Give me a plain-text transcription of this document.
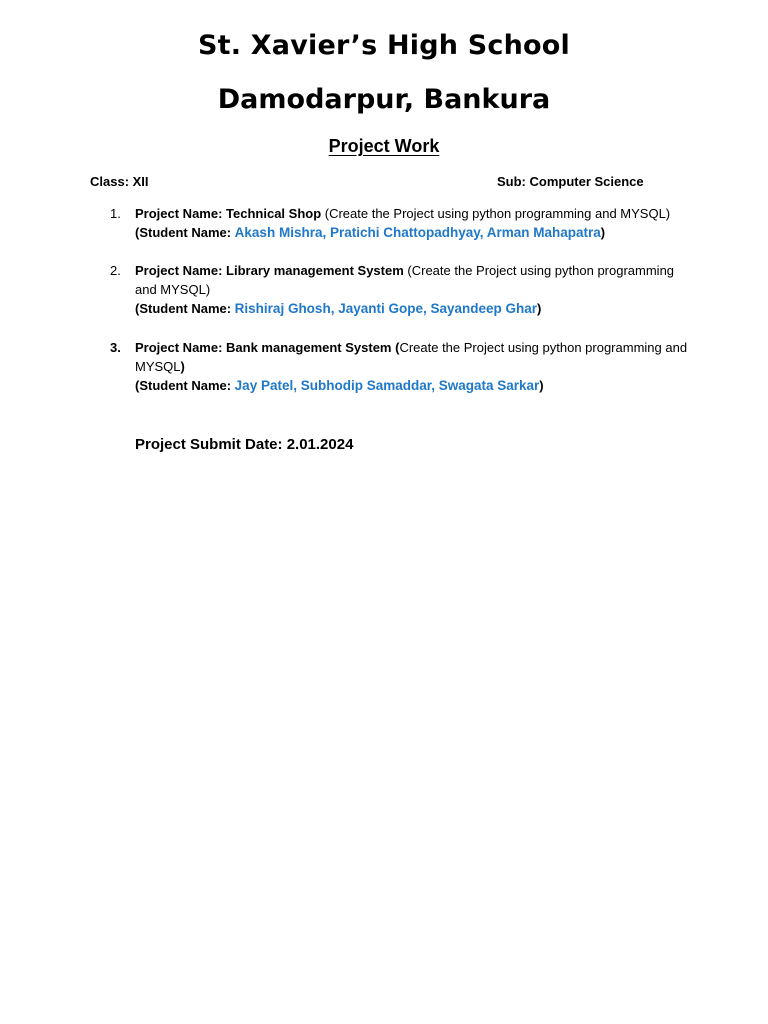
St. Xavier’s High School
Damodarpur, Bankura
Project Work
Class: XII	Sub: Computer Science
1.	Project Name: Technical Shop (Create the Project using python programming and MYSQL)
(Student Name: Akash Mishra, Pratichi Chattopadhyay, Arman Mahapatra)
2.	Project Name: Library management System (Create the Project using python programming and MYSQL)
(Student Name: Rishiraj Ghosh, Jayanti Gope, Sayandeep Ghar)
3.	Project Name: Bank management System (Create the Project using python programming and MYSQL)
(Student Name: Jay Patel, Subhodip Samaddar, Swagata Sarkar)
Project Submit Date: 2.01.2024
